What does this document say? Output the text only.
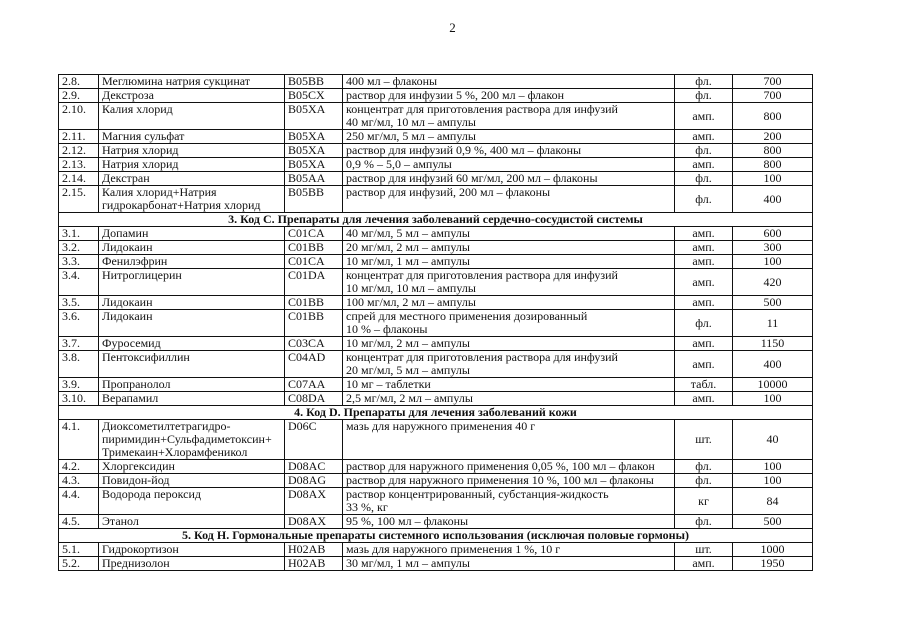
2
2.8.	Меглюмина натрия сукцинат	B05BB	400 мл – флаконы	фл.	700
2.9.	Декстроза	B05CX	раствор для инфузии 5 %, 200 мл – флакон	фл.	700
2.10.	Калия хлорид	B05XA	концентрат для приготовления раствора для инфузий
40 мг/мл, 10 мл – ампулы	амп.	800
2.11.	Магния сульфат	B05XA	250 мг/мл, 5 мл – ампулы	амп.	200
2.12.	Натрия хлорид	B05XA	раствор для инфузий 0,9 %, 400 мл – флаконы	фл.	800
2.13.	Натрия хлорид	B05XA	0,9 % – 5,0 – ампулы	амп.	800
2.14.	Декстран	B05AA	раствор для инфузий 60 мг/мл, 200 мл – флаконы	фл.	100
2.15.	Калия хлорид+Натрия
гидрокарбонат+Натрия хлорид	B05BB	раствор для инфузий, 200 мл – флаконы	фл.	400
3. Код С. Препараты для лечения заболеваний сердечно-сосудистой системы					
3.1.	Допамин	C01CA	40 мг/мл, 5 мл – ампулы	амп.	600
3.2.	Лидокаин	C01BB	20 мг/мл, 2 мл – ампулы	амп.	300
3.3.	Фенилэфрин	C01CA	10 мг/мл, 1 мл – ампулы	амп.	100
3.4.	Нитроглицерин	C01DA	концентрат для приготовления раствора для инфузий
10 мг/мл, 10 мл – ампулы	амп.	420
3.5.	Лидокаин	C01BB	100 мг/мл, 2 мл – ампулы	амп.	500
3.6.	Лидокаин	C01BB	спрей для местного применения дозированный
10 % – флаконы	фл.	11
3.7.	Фуросемид	C03CA	10 мг/мл, 2 мл – ампулы	амп.	1150
3.8.	Пентоксифиллин	C04AD	концентрат для приготовления раствора для инфузий
20 мг/мл, 5 мл – ампулы	амп.	400
3.9.	Пропранолол	C07AA	10 мг – таблетки	табл.	10000
3.10.	Верапамил	C08DA	2,5 мг/мл, 2 мл – ампулы	амп.	100
4. Код D. Препараты для лечения заболеваний кожи					
4.1.	Диоксометилтетрагидро-
пиримидин+Сульфадиметоксин+
Тримекаин+Хлорамфеникол	D06C	мазь для наружного применения 40 г	шт.	40
4.2.	Хлоргексидин	D08AC	раствор для наружного применения 0,05 %, 100 мл – флакон	фл.	100
4.3.	Повидон-йод	D08AG	раствор для наружного применения 10 %, 100 мл – флаконы	фл.	100
4.4.	Водорода пероксид	D08AX	раствор концентрированный, субстанция-жидкость
33 %, кг	кг	84
4.5.	Этанол	D08AX	95 %, 100 мл – флаконы	фл.	500
5. Код Н. Гормональные препараты системного использования (исключая половые гормоны)					
5.1.	Гидрокортизон	H02AB	мазь для наружного применения 1 %, 10 г	шт.	1000
5.2.	Преднизолон	H02AB	30 мг/мл, 1 мл – ампулы	амп.	1950
